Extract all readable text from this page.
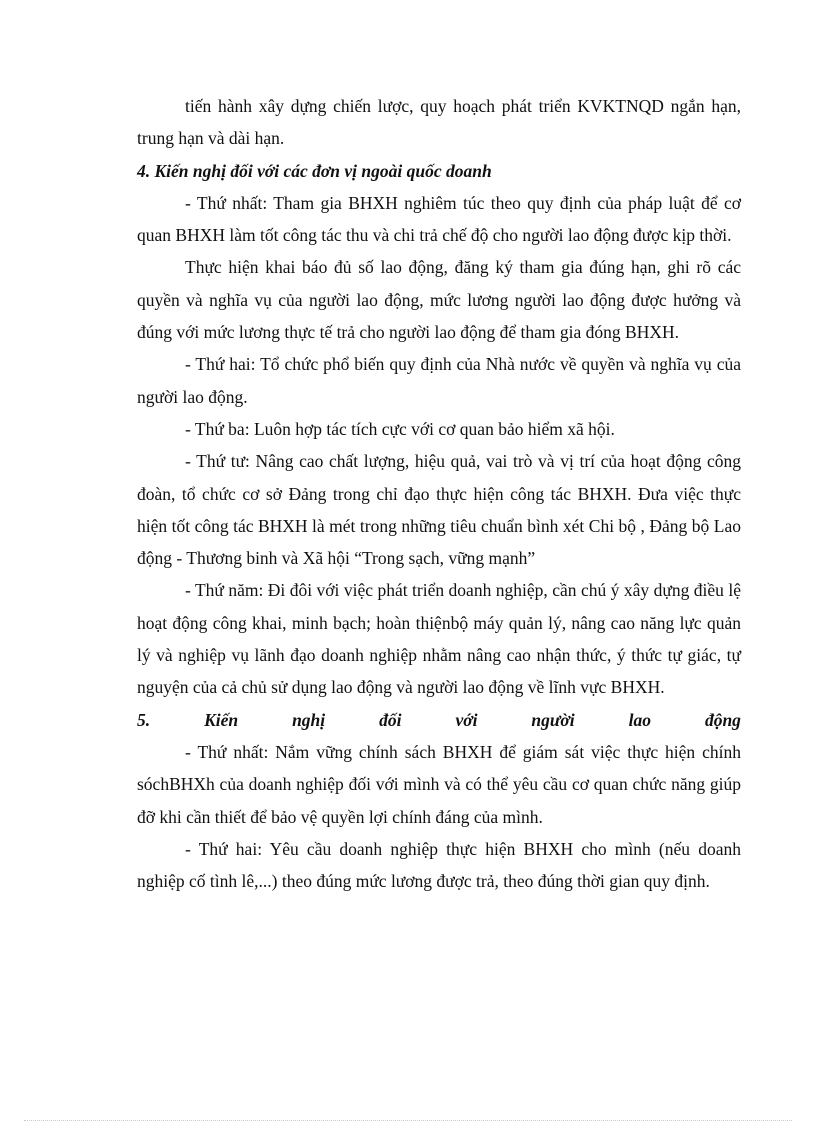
tiến hành xây dựng chiến lược, quy hoạch phát triển KVKTNQD ngắn hạn, trung hạn và dài hạn.

4. Kiến nghị đối với các đơn vị ngoài quốc doanh

- Thứ nhất: Tham gia BHXH nghiêm túc theo quy định của pháp luật để cơ quan BHXH làm tốt công tác thu và chi trả chế độ cho người lao động được kịp thời.

Thực hiện khai báo đủ số lao động, đăng ký tham gia đúng hạn, ghi rõ các quyền và nghĩa vụ của người lao động, mức lương người lao động được hưởng và đúng với mức lương thực tế trả cho người lao động để tham gia đóng BHXH.

- Thứ hai: Tổ chức phổ biến quy định của Nhà nước về quyền và nghĩa vụ của người lao động.

- Thứ ba: Luôn hợp tác tích cực với cơ quan bảo hiểm xã hội.

- Thứ tư: Nâng cao chất lượng, hiệu quả, vai trò và vị trí của hoạt động công đoàn, tổ chức cơ sở Đảng trong chỉ đạo thực hiện công tác BHXH. Đưa việc thực hiện tốt công tác BHXH là mét trong những tiêu chuẩn bình xét Chi bộ , Đảng bộ Lao động - Thương binh và Xã hội “Trong sạch, vững mạnh”

- Thứ năm: Đi đôi với việc phát triển doanh nghiệp, cần chú ý xây dựng điều lệ hoạt động công khai, minh bạch; hoàn thiệnbộ máy quản lý, nâng cao năng lực quản lý và nghiệp vụ lãnh đạo doanh nghiệp nhằm nâng cao nhận thức, ý thức tự giác, tự nguyện của cả chủ sử dụng lao động và người lao động về lĩnh vực BHXH.

5.	Kiến	nghị	đối	với	người	lao	động

- Thứ nhất: Nắm vững chính sách BHXH để giám sát việc thực hiện chính sóchBHXh của doanh nghiệp đối với mình và có thể yêu cầu cơ quan chức năng giúp đỡ khi cần thiết để bảo vệ quyền lợi chính đáng của mình.

- Thứ hai: Yêu cầu doanh nghiệp thực hiện BHXH cho mình (nếu doanh nghiệp cố tình lê,...) theo đúng mức lương được trả, theo đúng thời gian quy định.
